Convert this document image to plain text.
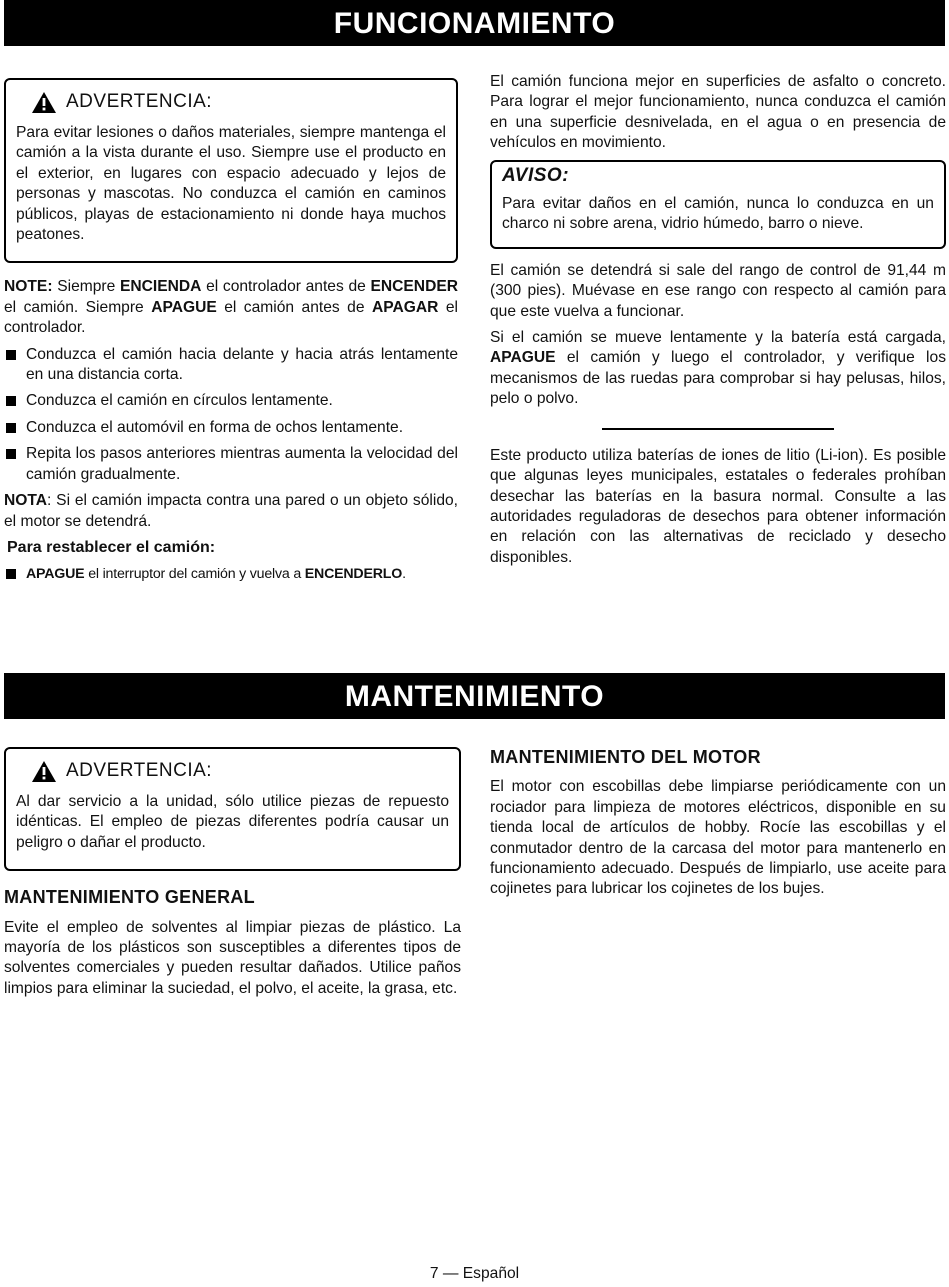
FUNCIONAMIENTO
ADVERTENCIA:

Para evitar lesiones o daños materiales, siempre mantenga el camión a la vista durante el uso. Siempre use el producto en el exterior, en lugares con espacio adecuado y lejos de personas y mascotas. No conduzca el camión en caminos públicos, playas de estacionamiento ni donde haya muchos peatones.

NOTE: Siempre ENCIENDA el controlador antes de ENCENDER el camión. Siempre APAGUE el camión antes de APAGAR el controlador.

Conduzca el camión hacia delante y hacia atrás lentamente en una distancia corta.
Conduzca el camión en círculos lentamente.
Conduzca el automóvil en forma de ochos lentamente.
Repita los pasos anteriores mientras aumenta la velocidad del camión gradualmente.

NOTA: Si el camión impacta contra una pared o un objeto sólido, el motor se detendrá.

Para restablecer el camión:
APAGUE el interruptor del camión y vuelva a ENCENDERLO.

El camión funciona mejor en superficies de asfalto o concreto. Para lograr el mejor funcionamiento, nunca conduzca el camión en una superficie desnivelada, en el agua o en presencia de vehículos en movimiento.

AVISO:

Para evitar daños en el camión, nunca lo conduzca en un charco ni sobre arena, vidrio húmedo, barro o nieve.

El camión se detendrá si sale del rango de control de 91,44 m (300 pies). Muévase en ese rango con respecto al camión para que este vuelva a funcionar.

Si el camión se mueve lentamente y la batería está cargada, APAGUE el camión y luego el controlador, y verifique los mecanismos de las ruedas para comprobar si hay pelusas, hilos, pelo o polvo.

Este producto utiliza baterías de iones de litio (Li-ion). Es posible que algunas leyes municipales, estatales o federales prohíban desechar las baterías en la basura normal. Consulte a las autoridades reguladoras de desechos para obtener información en relación con las alternativas de reciclado y desecho disponibles.

MANTENIMIENTO
ADVERTENCIA:

Al dar servicio a la unidad, sólo utilice piezas de repuesto idénticas. El empleo de piezas diferentes podría causar un peligro o dañar el producto.

MANTENIMIENTO GENERAL

Evite el empleo de solventes al limpiar piezas de plástico. La mayoría de los plásticos son susceptibles a diferentes tipos de solventes comerciales y pueden resultar dañados. Utilice paños limpios para eliminar la suciedad, el polvo, el aceite, la grasa, etc.

MANTENIMIENTO DEL MOTOR

El motor con escobillas debe limpiarse periódicamente con un rociador para limpieza de motores eléctricos, disponible en su tienda local de artículos de hobby. Rocíe las escobillas y el conmutador dentro de la carcasa del motor para mantenerlo en funcionamiento adecuado. Después de limpiarlo, use aceite para cojinetes para lubricar los cojinetes de los bujes.

7 — Español
